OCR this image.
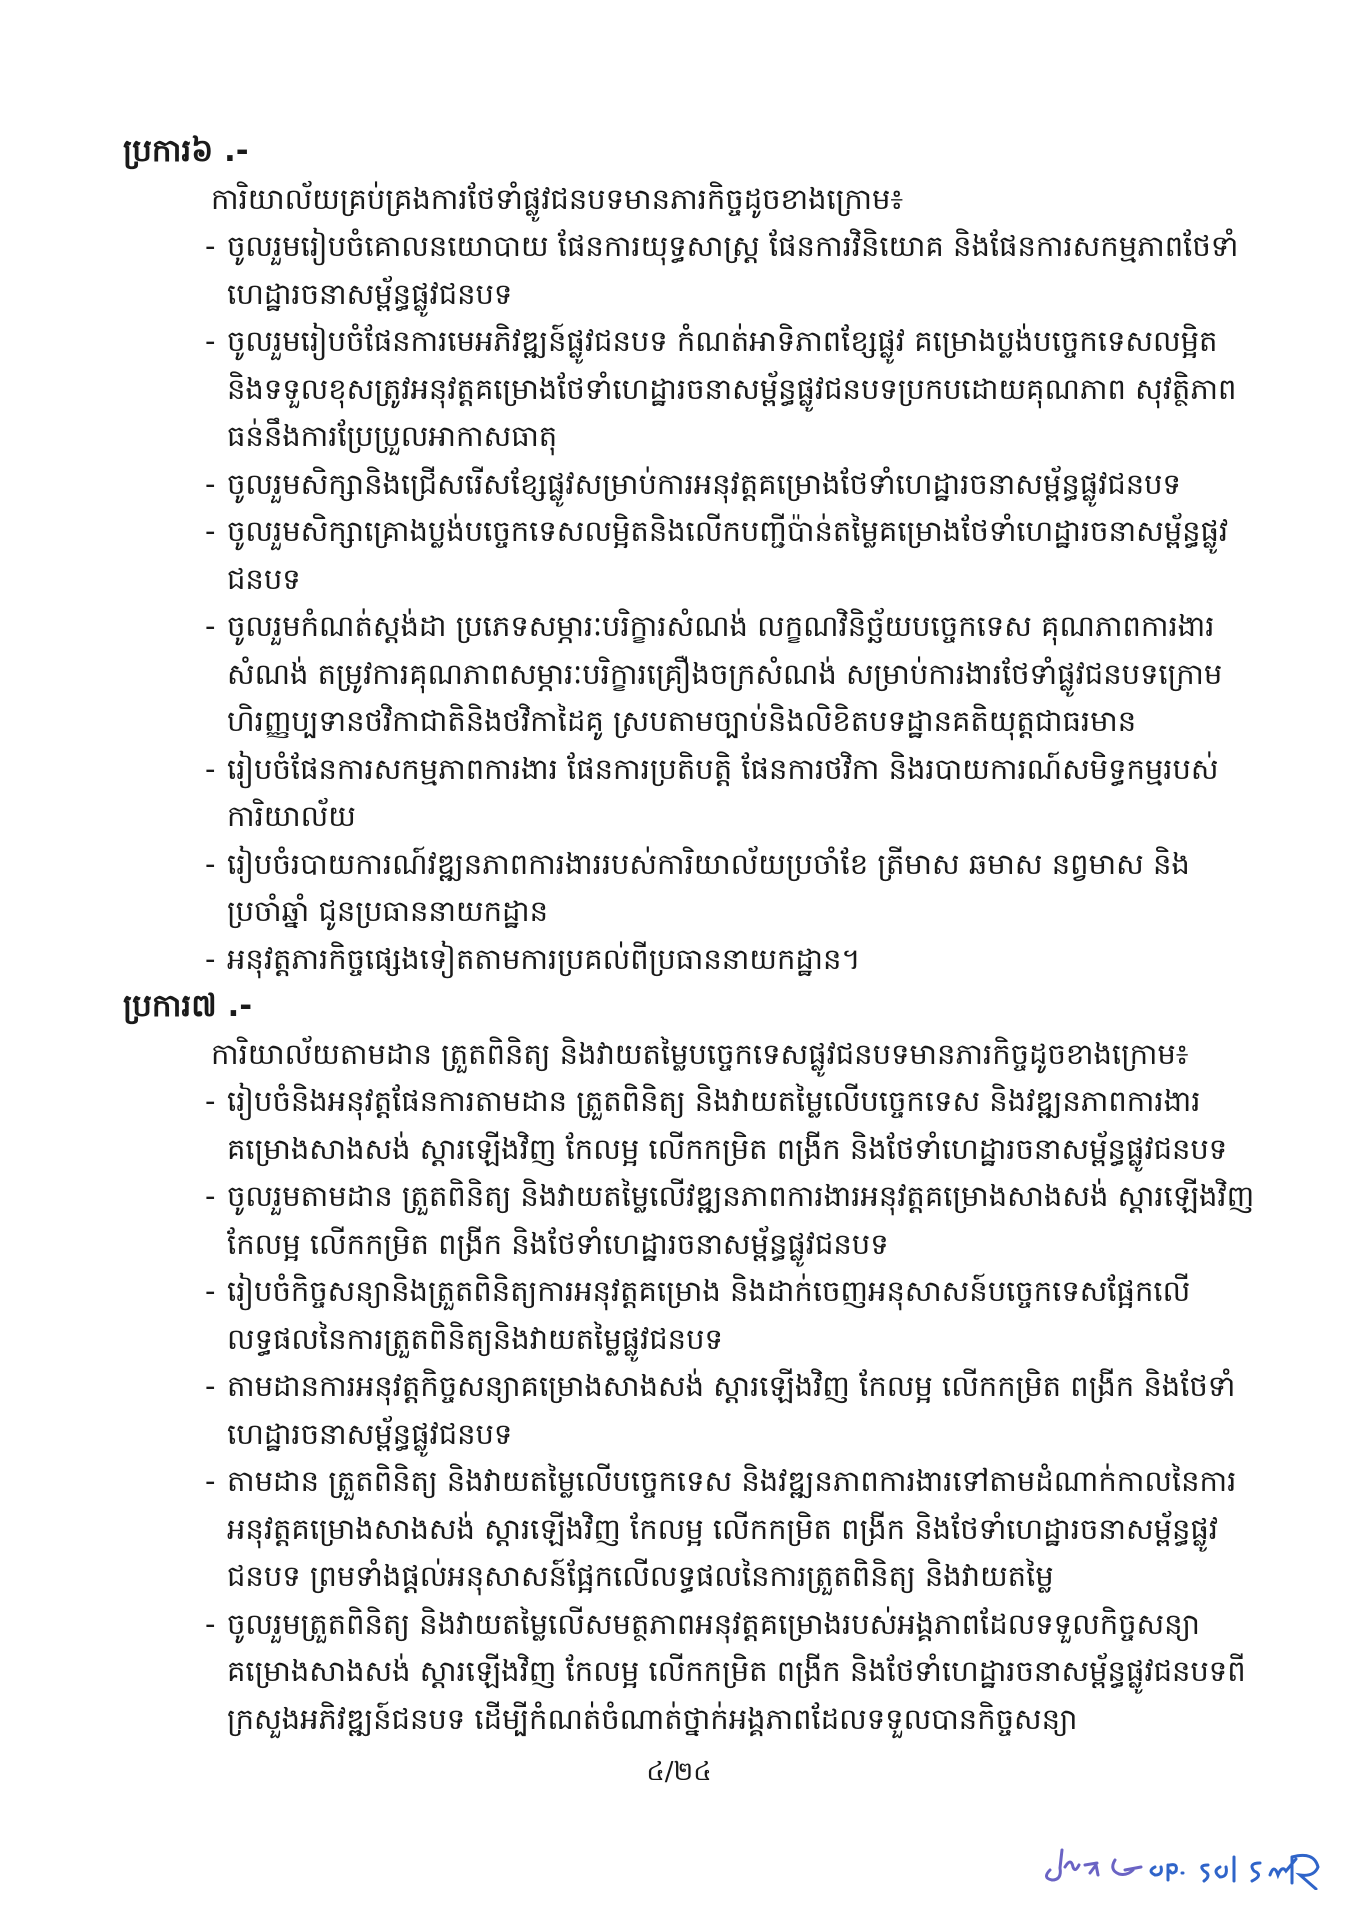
ប្រការ៦ .-
ការិយាល័យគ្រប់គ្រងការថែទាំផ្លូវជនបទមានភារកិច្ចដូចខាងក្រោម៖
- ចូលរួមរៀបចំគោលនយោបាយ ផែនការយុទ្ធសាស្ត្រ ផែនការវិនិយោគ និងផែនការសកម្មភាពថែទាំ
ហេដ្ឋារចនាសម្ព័ន្ធផ្លូវជនបទ
- ចូលរួមរៀបចំផែនការមេអភិវឌ្ឍន៍ផ្លូវជនបទ កំណត់អាទិភាពខ្សែផ្លូវ គម្រោងប្លង់បច្ចេកទេសលម្អិត
និងទទួលខុសត្រូវអនុវត្តគម្រោងថែទាំហេដ្ឋារចនាសម្ព័ន្ធផ្លូវជនបទប្រកបដោយគុណភាព សុវត្ថិភាព
ធន់នឹងការប្រែប្រួលអាកាសធាតុ
- ចូលរួមសិក្សានិងជ្រើសរើសខ្សែផ្លូវសម្រាប់ការអនុវត្តគម្រោងថែទាំហេដ្ឋារចនាសម្ព័ន្ធផ្លូវជនបទ
- ចូលរួមសិក្សាគ្រោងប្លង់បច្ចេកទេសលម្អិតនិងលើកបញ្ជីប៉ាន់តម្លៃគម្រោងថែទាំហេដ្ឋារចនាសម្ព័ន្ធផ្លូវ
ជនបទ
- ចូលរួមកំណត់ស្តង់ដា ប្រភេទសម្ភារៈបរិក្ខារសំណង់ លក្ខណវិនិច្ឆ័យបច្ចេកទេស គុណភាពការងារ
សំណង់ តម្រូវការគុណភាពសម្ភារៈបរិក្ខារគ្រឿងចក្រសំណង់ សម្រាប់ការងារថែទាំផ្លូវជនបទក្រោម
ហិរញ្ញប្បទានថវិកាជាតិនិងថវិកាដៃគូ ស្របតាមច្បាប់និងលិខិតបទដ្ឋានគតិយុត្តជាធរមាន
- រៀបចំផែនការសកម្មភាពការងារ ផែនការប្រតិបត្តិ ផែនការថវិកា និងរបាយការណ៍សមិទ្ធកម្មរបស់
ការិយាល័យ
- រៀបចំរបាយការណ៍វឌ្ឍនភាពការងាររបស់ការិយាល័យប្រចាំខែ ត្រីមាស ឆមាស នព្វមាស និង
ប្រចាំឆ្នាំ ជូនប្រធាននាយកដ្ឋាន
- អនុវត្តភារកិច្ចផ្សេងទៀតតាមការប្រគល់ពីប្រធាននាយកដ្ឋាន។
ប្រការ៧ .-
ការិយាល័យតាមដាន ត្រួតពិនិត្យ និងវាយតម្លៃបច្ចេកទេសផ្លូវជនបទមានភារកិច្ចដូចខាងក្រោម៖
- រៀបចំនិងអនុវត្តផែនការតាមដាន ត្រួតពិនិត្យ និងវាយតម្លៃលើបច្ចេកទេស និងវឌ្ឍនភាពការងារ
គម្រោងសាងសង់ ស្តារឡើងវិញ កែលម្អ លើកកម្រិត ពង្រីក និងថែទាំហេដ្ឋារចនាសម្ព័ន្ធផ្លូវជនបទ
- ចូលរួមតាមដាន ត្រួតពិនិត្យ និងវាយតម្លៃលើវឌ្ឍនភាពការងារអនុវត្តគម្រោងសាងសង់ ស្តារឡើងវិញ
កែលម្អ លើកកម្រិត ពង្រីក និងថែទាំហេដ្ឋារចនាសម្ព័ន្ធផ្លូវជនបទ
- រៀបចំកិច្ចសន្យានិងត្រួតពិនិត្យការអនុវត្តគម្រោង និងដាក់ចេញអនុសាសន៍បច្ចេកទេសផ្អែកលើ
លទ្ធផលនៃការត្រួតពិនិត្យនិងវាយតម្លៃផ្លូវជនបទ
- តាមដានការអនុវត្តកិច្ចសន្យាគម្រោងសាងសង់ ស្តារឡើងវិញ កែលម្អ លើកកម្រិត ពង្រីក និងថែទាំ
ហេដ្ឋារចនាសម្ព័ន្ធផ្លូវជនបទ
- តាមដាន ត្រួតពិនិត្យ និងវាយតម្លៃលើបច្ចេកទេស និងវឌ្ឍនភាពការងារទៅតាមដំណាក់កាលនៃការ
អនុវត្តគម្រោងសាងសង់ ស្តារឡើងវិញ កែលម្អ លើកកម្រិត ពង្រីក និងថែទាំហេដ្ឋារចនាសម្ព័ន្ធផ្លូវ
ជនបទ ព្រមទាំងផ្តល់អនុសាសន៍ផ្អែកលើលទ្ធផលនៃការត្រួតពិនិត្យ និងវាយតម្លៃ
- ចូលរួមត្រួតពិនិត្យ និងវាយតម្លៃលើសមត្ថភាពអនុវត្តគម្រោងរបស់អង្គភាពដែលទទួលកិច្ចសន្យា
គម្រោងសាងសង់ ស្តារឡើងវិញ កែលម្អ លើកកម្រិត ពង្រីក និងថែទាំហេដ្ឋារចនាសម្ព័ន្ធផ្លូវជនបទពី
ក្រសួងអភិវឌ្ឍន៍ជនបទ ដើម្បីកំណត់ចំណាត់ថ្នាក់អង្គភាពដែលទទួលបានកិច្ចសន្យា
៤/២៤
